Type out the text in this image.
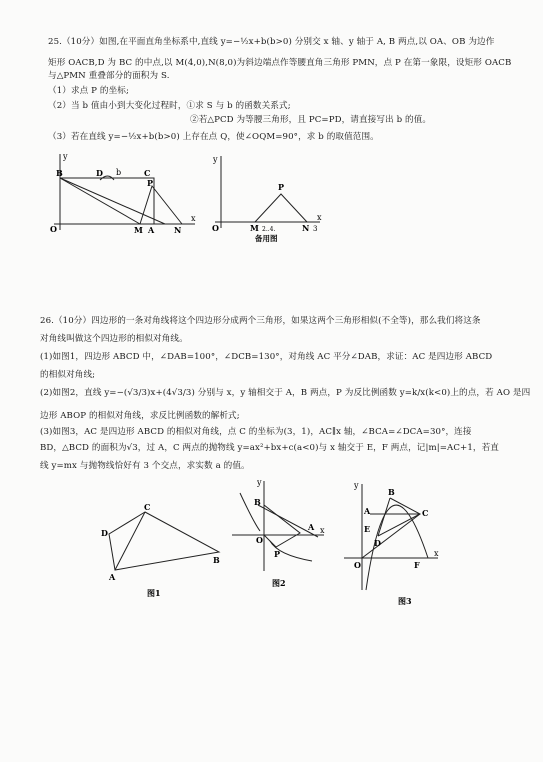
25.（10分）如图,在平面直角坐标系中,直线 y=−½x+b(b>0) 分别交 x 轴、y 轴于 A, B 两点,以 OA、OB 为边作
矩形 OACB,D 为 BC 的中点,以 M(4,0),N(8,0)为斜边端点作等腰直角三角形 PMN，点 P 在第一象限，设矩形 OACB
与△PMN 重叠部分的面积为 S.
（1）求点 P 的坐标;
（2）当 b 值由小到大变化过程时，①求 S 与 b 的函数关系式;
②若△PCD 为等腰三角形，且 PC=PD，请直接写出 b 的值。
（3）若在直线 y=−½x+b(b>0) 上存在点 Q，使∠OQM=90°，求 b 的取值范围。
y
x
B	D b	C
P
O	M A N
y
x
P
O	M 2..4.	N 3
备用图
26.（10分）四边形的一条对角线将这个四边形分成两个三角形，如果这两个三角形相似(不全等)，那么我们将这条
对角线叫做这个四边形的相似对角线。
(1)如图1，四边形 ABCD 中，∠DAB=100°，∠DCB=130°，对角线 AC 平分∠DAB，求证：AC 是四边形 ABCD
的相似对角线;
(2)如图2，直线 y=−(√3/3)x+(4√3/3) 分别与 x，y 轴相交于 A，B 两点，P 为反比例函数 y=k/x(k<0)上的点，若 AO 是四
边形 ABOP 的相似对角线，求反比例函数的解析式;
(3)如图3，AC 是四边形 ABCD 的相似对角线，点 C 的坐标为(3，1)，AC∥x 轴，∠BCA=∠DCA=30°，连接
BD，△BCD 的面积为√3，过 A，C 两点的抛物线 y=ax²+bx+c(a<0)与 x 轴交于 E，F 两点，记|m|=AC+1，若直
线 y=mx 与抛物线恰好有 3 个交点，求实数 a 的值。
C
D
A
B
图1
y
x
B
A
O
P
图2
y
x
A
B
C
D
E
F
O
图3
